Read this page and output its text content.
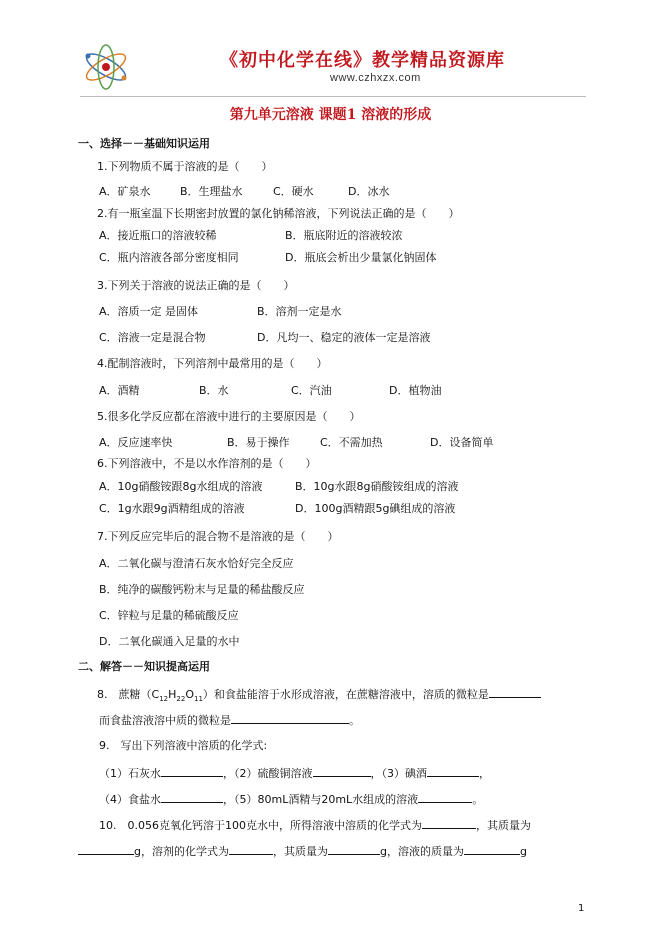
《初中化学在线》教学精品资源库
www.czhxzx.com
第九单元溶液 课题1 溶液的形成
一、选择－－基础知识运用
1.下列物质不属于溶液的是（　　）
A．矿泉水	B．生理盐水	C．硬水	D．冰水
2.有一瓶室温下长期密封放置的氯化钠稀溶液，下列说法正确的是（　　）
A．接近瓶口的溶液较稀	B．瓶底附近的溶液较浓
C．瓶内溶液各部分密度相同	D．瓶底会析出少量氯化钠固体
3.下列关于溶液的说法正确的是（　　）
A．溶质一定 是固体	B．溶剂一定是水
C．溶液一定是混合物	D．凡均一、稳定的液体一定是溶液
4.配制溶液时，下列溶剂中最常用的是（　　）
A．酒精	B．水	C．汽油	D．植物油
5.很多化学反应都在溶液中进行的主要原因是（　　）
A．反应速率快	B．易于操作	C．不需加热	D．设备简单
6.下列溶液中，不是以水作溶剂的是（　　）
A．10g硝酸铵跟8g水组成的溶液	B．10g水跟8g硝酸铵组成的溶液
C．1g水跟9g酒精组成的溶液	D．100g酒精跟5g碘组成的溶液
7.下列反应完毕后的混合物不是溶液的是（　　）
A．二氧化碳与澄清石灰水恰好完全反应
B．纯净的碳酸钙粉末与足量的稀盐酸反应
C．锌粒与足量的稀硫酸反应
D．二氧化碳通入足量的水中
二、解答－－知识提高运用
8.　蔗糖$(C_{12}H_{22}O_{11})$和食盐能溶于水形成溶液，在蔗糖溶液中，溶质的微粒是
而食盐溶液溶中质的微粒是	。
9.　写出下列溶液中溶质的化学式:
（1）石灰水	，（2）硫酸铜溶液	，（3）碘酒	，
（4）食盐水	，（5）80mL酒精与20mL水组成的溶液	。
10.　0.056克氧化钙溶于100克水中，所得溶液中溶质的化学式为	，其质量为
g，溶剂的化学式为	，其质量为	g，溶液的质量为	g
1
